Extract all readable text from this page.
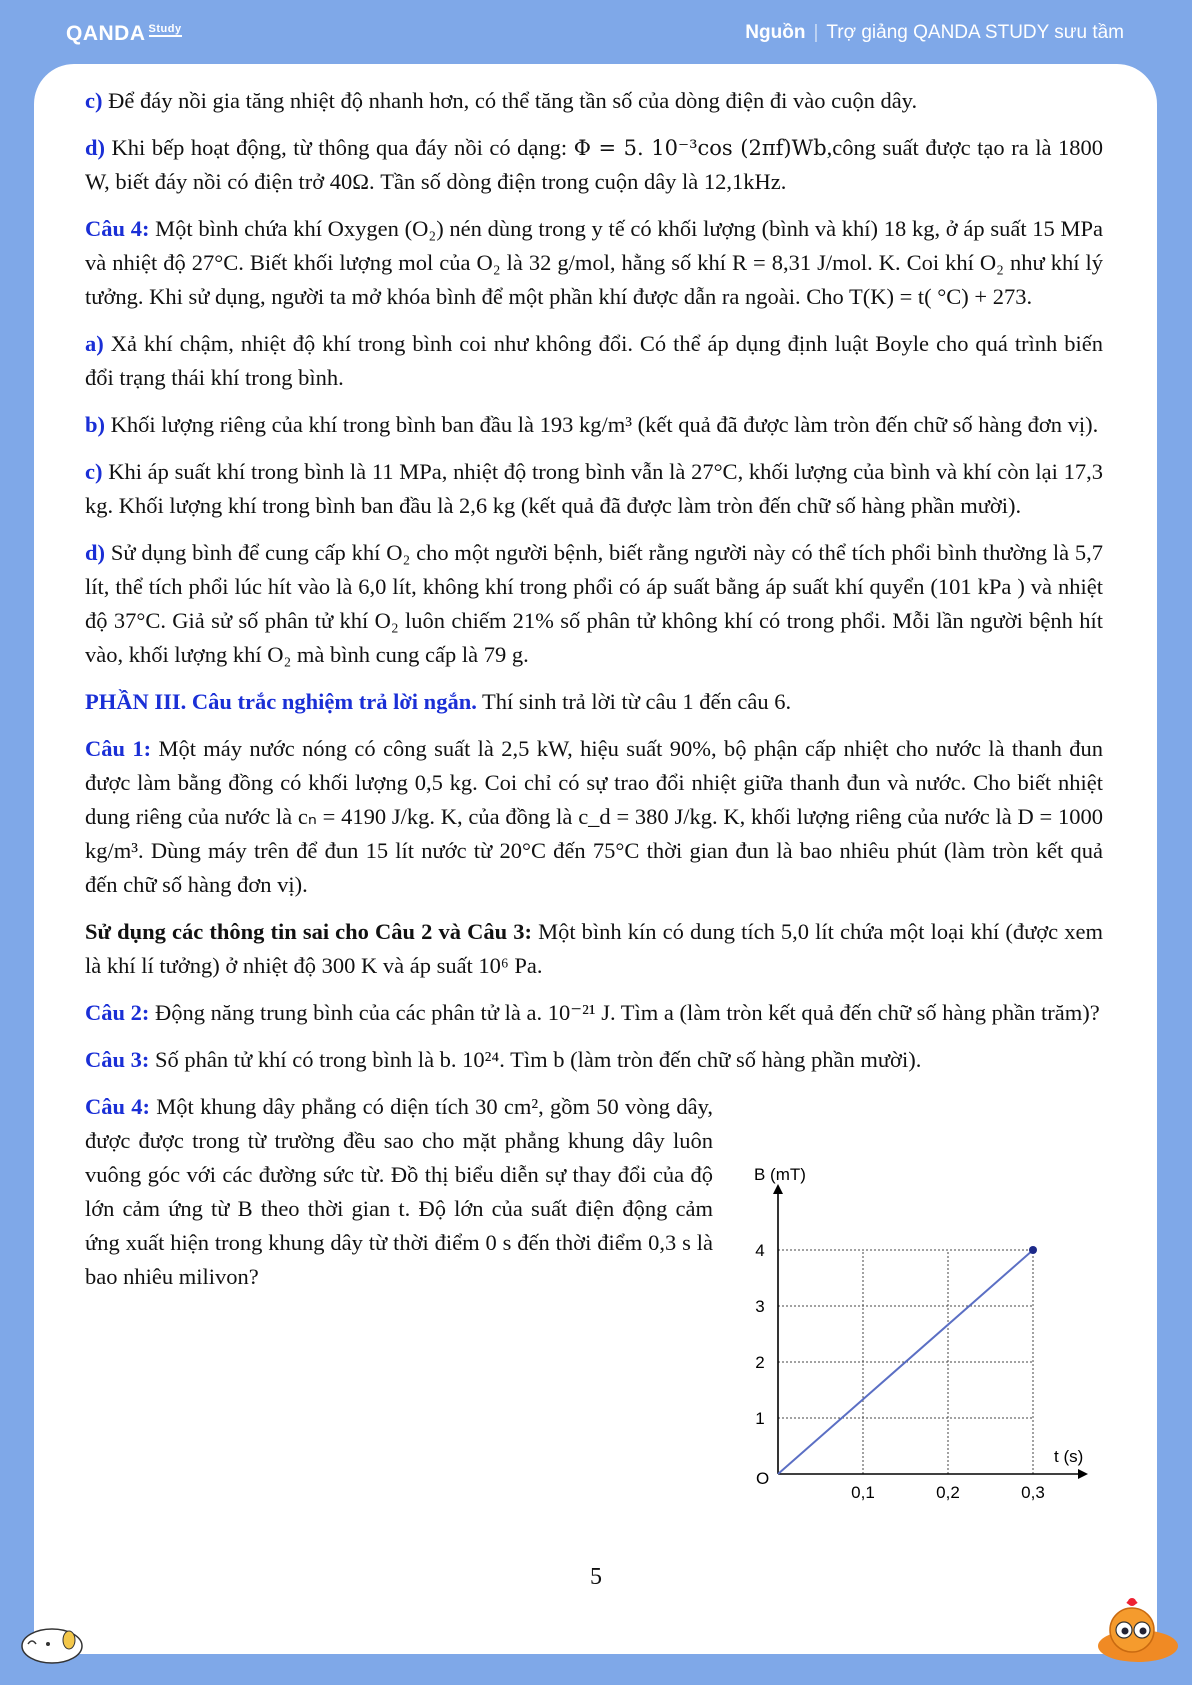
QANDA $^{Study}$	Nguồn | Trợ giảng QANDA STUDY sưu tầm

c) Để đáy nồi gia tăng nhiệt độ nhanh hơn, có thể tăng tần số của dòng điện đi vào cuộn dây.

d) Khi bếp hoạt động, từ thông qua đáy nồi có dạng: Φ = 5. 10⁻³cos (2πf)Wb,công suất được tạo ra là 1800 W, biết đáy nồi có điện trở 40Ω. Tần số dòng điện trong cuộn dây là 12,1kHz.

Câu 4: Một bình chứa khí Oxygen (O₂) nén dùng trong y tế có khối lượng (bình và khí) 18 kg, ở áp suất 15 MPa và nhiệt độ 27°C. Biết khối lượng mol của O₂ là 32 g/mol, hằng số khí R = 8,31 J/mol. K. Coi khí O₂ như khí lý tưởng. Khi sử dụng, người ta mở khóa bình để một phần khí được dẫn ra ngoài. Cho T(K) = t( °C) + 273.

a) Xả khí chậm, nhiệt độ khí trong bình coi như không đổi. Có thể áp dụng định luật Boyle cho quá trình biến đổi trạng thái khí trong bình.

b) Khối lượng riêng của khí trong bình ban đầu là 193 kg/m³ (kết quả đã được làm tròn đến chữ số hàng đơn vị).

c) Khi áp suất khí trong bình là 11 MPa, nhiệt độ trong bình vẫn là 27°C, khối lượng của bình và khí còn lại 17,3 kg. Khối lượng khí trong bình ban đầu là 2,6 kg (kết quả đã được làm tròn đến chữ số hàng phần mười).

d) Sử dụng bình để cung cấp khí O₂ cho một người bệnh, biết rằng người này có thể tích phổi bình thường là 5,7 lít, thể tích phổi lúc hít vào là 6,0 lít, không khí trong phổi có áp suất bằng áp suất khí quyển (101 kPa ) và nhiệt độ 37°C. Giả sử số phân tử khí O₂ luôn chiếm 21% số phân tử không khí có trong phổi. Mỗi lần người bệnh hít vào, khối lượng khí O₂ mà bình cung cấp là 79 g.

PHẦN III. Câu trắc nghiệm trả lời ngắn. Thí sinh trả lời từ câu 1 đến câu 6.

Câu 1: Một máy nước nóng có công suất là 2,5 kW, hiệu suất 90%, bộ phận cấp nhiệt cho nước là thanh đun được làm bằng đồng có khối lượng 0,5 kg. Coi chỉ có sự trao đổi nhiệt giữa thanh đun và nước. Cho biết nhiệt dung riêng của nước là cₙ = 4190 J/kg. K, của đồng là c_d = 380 J/kg. K, khối lượng riêng của nước là D = 1000 kg/m³. Dùng máy trên để đun 15 lít nước từ 20°C đến 75°C thời gian đun là bao nhiêu phút (làm tròn kết quả đến chữ số hàng đơn vị).

Sử dụng các thông tin sai cho Câu 2 và Câu 3: Một bình kín có dung tích 5,0 lít chứa một loại khí (được xem là khí lí tưởng) ở nhiệt độ 300 K và áp suất 10⁶ Pa.

Câu 2: Động năng trung bình của các phân tử là a. 10⁻²¹ J. Tìm a (làm tròn kết quả đến chữ số hàng phần trăm)?

Câu 3: Số phân tử khí có trong bình là b. 10²⁴. Tìm b (làm tròn đến chữ số hàng phần mười).

Câu 4: Một khung dây phẳng có diện tích 30 cm², gồm 50 vòng dây, được được trong từ trường đều sao cho mặt phẳng khung dây luôn vuông góc với các đường sức từ. Đồ thị biểu diễn sự thay đổi của độ lớn cảm ứng từ B theo thời gian t. Độ lớn của suất điện động cảm ứng xuất hiện trong khung dây từ thời điểm 0 s đến thời điểm 0,3 s là bao nhiêu milivon?

1
2
3
4
0,1	0,2	0,3
B (mT)
t (s)
O
5
